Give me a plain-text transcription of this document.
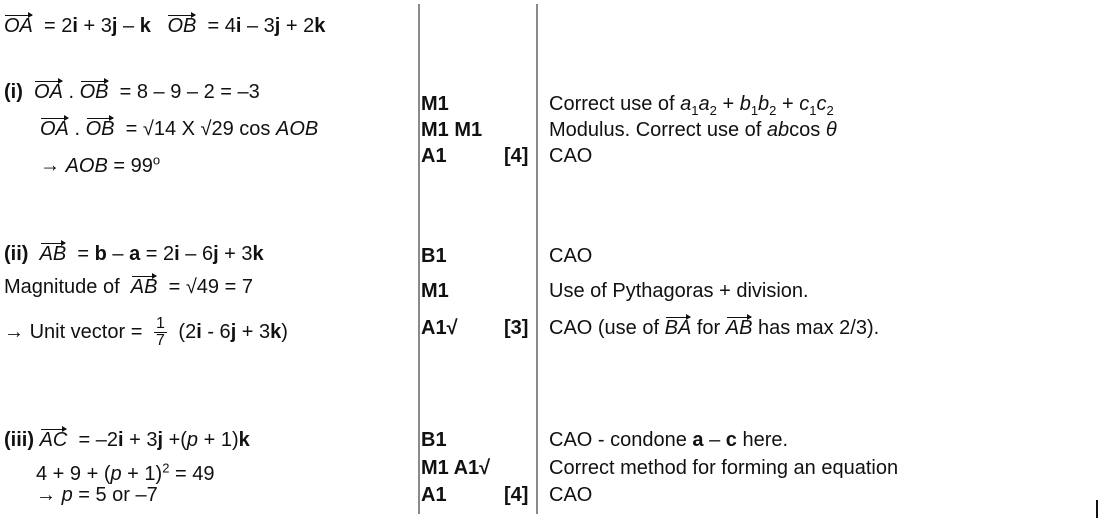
OA = 2i + 3j – k OB = 4i – 3j + 2k
(i) OA . OB = 8 – 9 – 2 = –3
OA . OB = √14 X √29 cos AOB
→ AOB = $99^o$
M1
M1 M1
A1	[4]
Correct use of $a_1a_2 + b_1b_2 + c_1c_2$
Modulus. Correct use of abcos θ
CAO
(ii) AB = b – a = 2i – 6j + 3k
Magnitude of AB = √49 = 7
→ Unit vector = $\frac{1}{7} (2i - 6j + 3k)$
B1
M1
A1√ [3]
CAO
Use of Pythagoras + division.
CAO (use of BA for AB has max 2/3).
(iii) AC = –2i + 3j +(p + 1)k
$4 + 9 + (p + 1)^2 = 49$
→ p = 5 or –7
B1
M1 A1√
A1	[4]
CAO - condone a – c here.
Correct method for forming an equation
CAO
